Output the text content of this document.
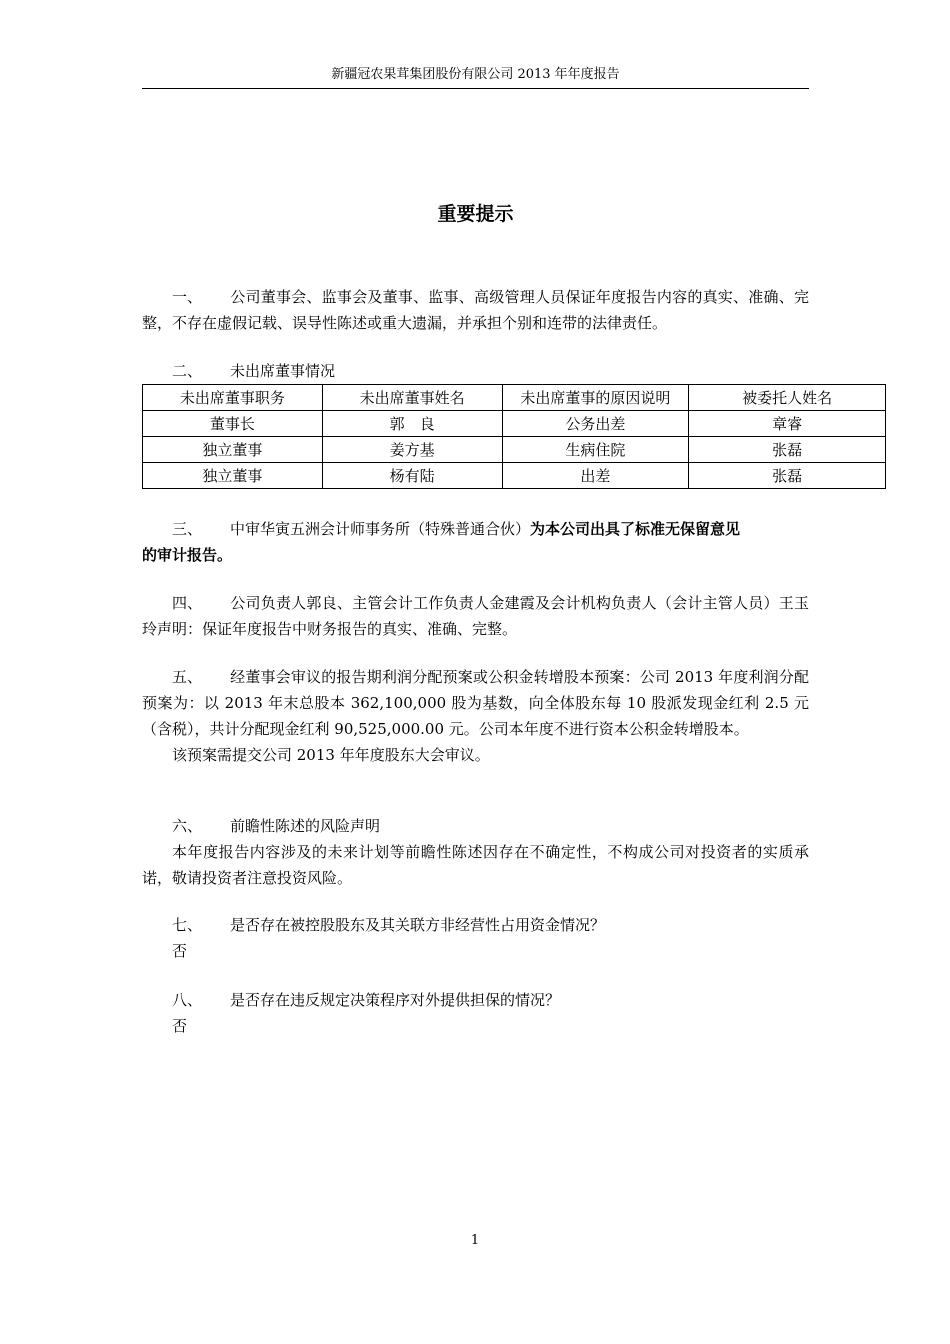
新疆冠农果茸集团股份有限公司 2013 年年度报告
重要提示

一、 公司董事会、监事会及董事、监事、高级管理人员保证年度报告内容的真实、准确、完整，不存在虚假记载、误导性陈述或重大遗漏，并承担个别和连带的法律责任。

二、 未出席董事情况

未出席董事职务	未出席董事姓名	未出席董事的原因说明	被委托人姓名
董事长	郭　良	公务出差	章睿
独立董事	姜方基	生病住院	张磊
独立董事	杨有陆	出差	张磊

三、 中审华寅五洲会计师事务所（特殊普通合伙）为本公司出具了标准无保留意见

的审计报告。

四、 公司负责人郭良、主管会计工作负责人金建霞及会计机构负责人（会计主管人员）王玉玲声明：保证年度报告中财务报告的真实、准确、完整。

五、 经董事会审议的报告期利润分配预案或公积金转增股本预案：公司 2013 年度利润分配预案为：以 2013 年末总股本 362,100,000 股为基数，向全体股东每 10 股派发现金红利 2.5 元（含税），共计分配现金红利 90,525,000.00 元。公司本年度不进行资本公积金转增股本。

该预案需提交公司 2013 年年度股东大会审议。

六、 前瞻性陈述的风险声明

本年度报告内容涉及的未来计划等前瞻性陈述因存在不确定性，不构成公司对投资者的实质承诺，敬请投资者注意投资风险。

七、 是否存在被控股股东及其关联方非经营性占用资金情况？

否

八、 是否存在违反规定决策程序对外提供担保的情况？

否

1
